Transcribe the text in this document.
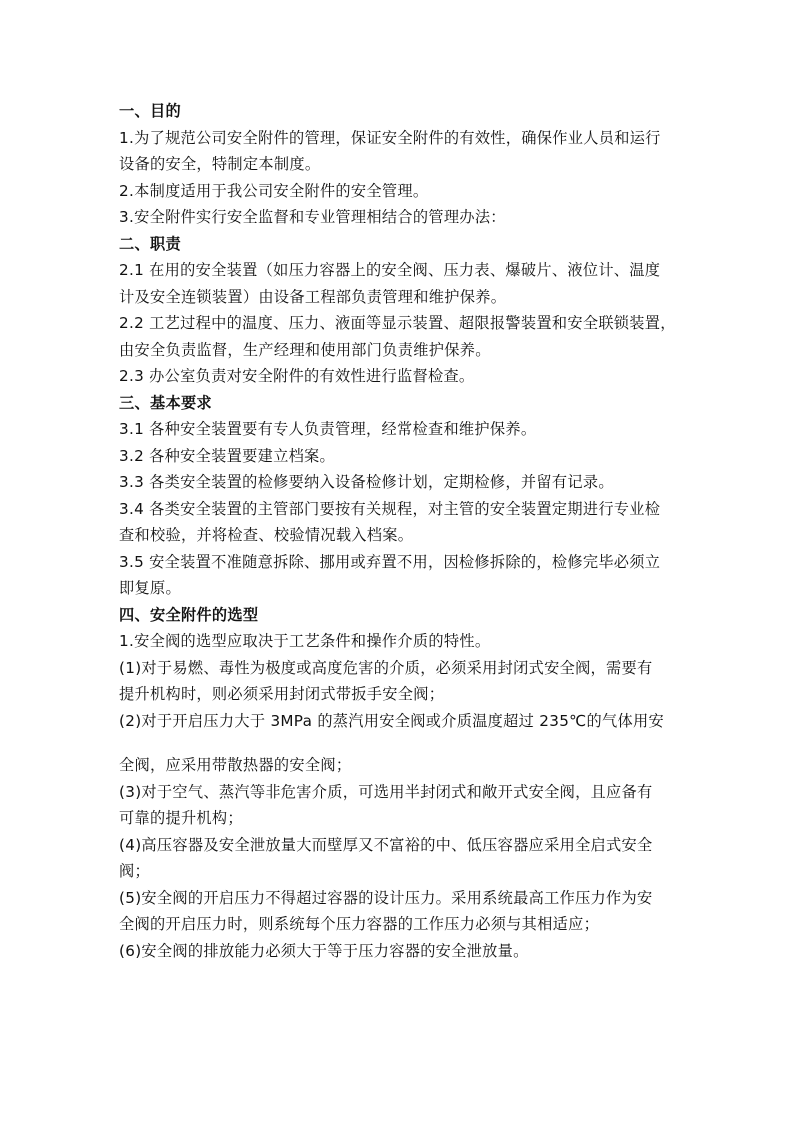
一、目的
1.为了规范公司安全附件的管理，保证安全附件的有效性，确保作业人员和运行
设备的安全，特制定本制度。
2.本制度适用于我公司安全附件的安全管理。
3.安全附件实行安全监督和专业管理相结合的管理办法：
二、职责
2.1 在用的安全装置（如压力容器上的安全阀、压力表、爆破片、液位计、温度
计及安全连锁装置）由设备工程部负责管理和维护保养。
2.2 工艺过程中的温度、压力、液面等显示装置、超限报警装置和安全联锁装置，
由安全负责监督，生产经理和使用部门负责维护保养。
2.3 办公室负责对安全附件的有效性进行监督检查。
三、基本要求
3.1 各种安全装置要有专人负责管理，经常检查和维护保养。
3.2 各种安全装置要建立档案。
3.3 各类安全装置的检修要纳入设备检修计划，定期检修，并留有记录。
3.4 各类安全装置的主管部门要按有关规程，对主管的安全装置定期进行专业检
查和校验，并将检查、校验情况载入档案。
3.5 安全装置不准随意拆除、挪用或弃置不用，因检修拆除的，检修完毕必须立
即复原。
四、安全附件的选型
1.安全阀的选型应取决于工艺条件和操作介质的特性。
(1)对于易燃、毒性为极度或高度危害的介质，必须采用封闭式安全阀，需要有
提升机构时，则必须采用封闭式带扳手安全阀；
(2)对于开启压力大于 3MPa 的蒸汽用安全阀或介质温度超过 235℃的气体用安
全阀，应采用带散热器的安全阀；
(3)对于空气、蒸汽等非危害介质，可选用半封闭式和敞开式安全阀，且应备有
可靠的提升机构；
(4)高压容器及安全泄放量大而壁厚又不富裕的中、低压容器应采用全启式安全
阀；
(5)安全阀的开启压力不得超过容器的设计压力。采用系统最高工作压力作为安
全阀的开启压力时，则系统每个压力容器的工作压力必须与其相适应；
(6)安全阀的排放能力必须大于等于压力容器的安全泄放量。
